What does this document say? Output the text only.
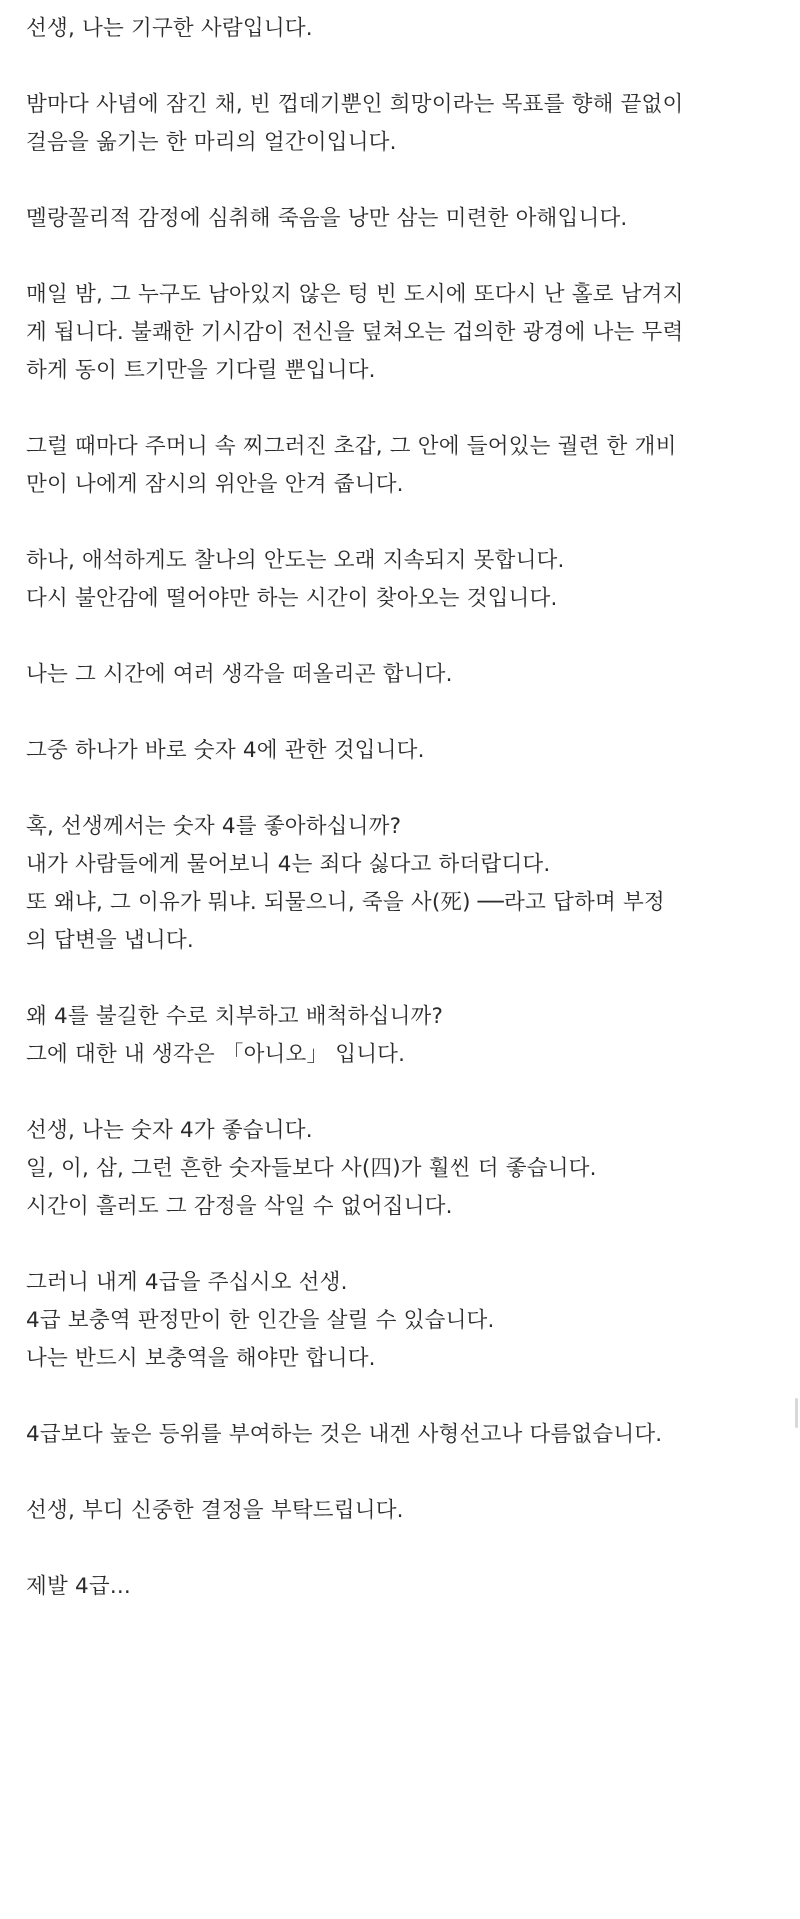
선생, 나는 기구한 사람입니다.
밤마다 사념에 잠긴 채, 빈 껍데기뿐인 희망이라는 목표를 향해 끝없이
걸음을 옮기는 한 마리의 얼간이입니다.
멜랑꼴리적 감정에 심취해 죽음을 낭만 삼는 미련한 아해입니다.
매일 밤, 그 누구도 남아있지 않은 텅 빈 도시에 또다시 난 홀로 남겨지
게 됩니다. 불쾌한 기시감이 전신을 덮쳐오는 겁의한 광경에 나는 무력
하게 동이 트기만을 기다릴 뿐입니다.
그럴 때마다 주머니 속 찌그러진 초갑, 그 안에 들어있는 궐련 한 개비
만이 나에게 잠시의 위안을 안겨 줍니다.
하나, 애석하게도 찰나의 안도는 오래 지속되지 못합니다.
다시 불안감에 떨어야만 하는 시간이 찾아오는 것입니다.
나는 그 시간에 여러 생각을 떠올리곤 합니다.
그중 하나가 바로 숫자 4에 관한 것입니다.
혹, 선생께서는 숫자 4를 좋아하십니까?
내가 사람들에게 물어보니 4는 죄다 싫다고 하더랍디다.
또 왜냐, 그 이유가 뭐냐. 되물으니, 죽을 사(死) ──라고 답하며 부정
의 답변을 냅니다.
왜 4를 불길한 수로 치부하고 배척하십니까?
그에 대한 내 생각은 「아니오」 입니다.
선생, 나는 숫자 4가 좋습니다.
일, 이, 삼, 그런 흔한 숫자들보다 사(四)가 훨씬 더 좋습니다.
시간이 흘러도 그 감정을 삭일 수 없어집니다.
그러니 내게 4급을 주십시오 선생.
4급 보충역 판정만이 한 인간을 살릴 수 있습니다.
나는 반드시 보충역을 해야만 합니다.
4급보다 높은 등위를 부여하는 것은 내겐 사형선고나 다름없습니다.
선생, 부디 신중한 결정을 부탁드립니다.
제발 4급...
